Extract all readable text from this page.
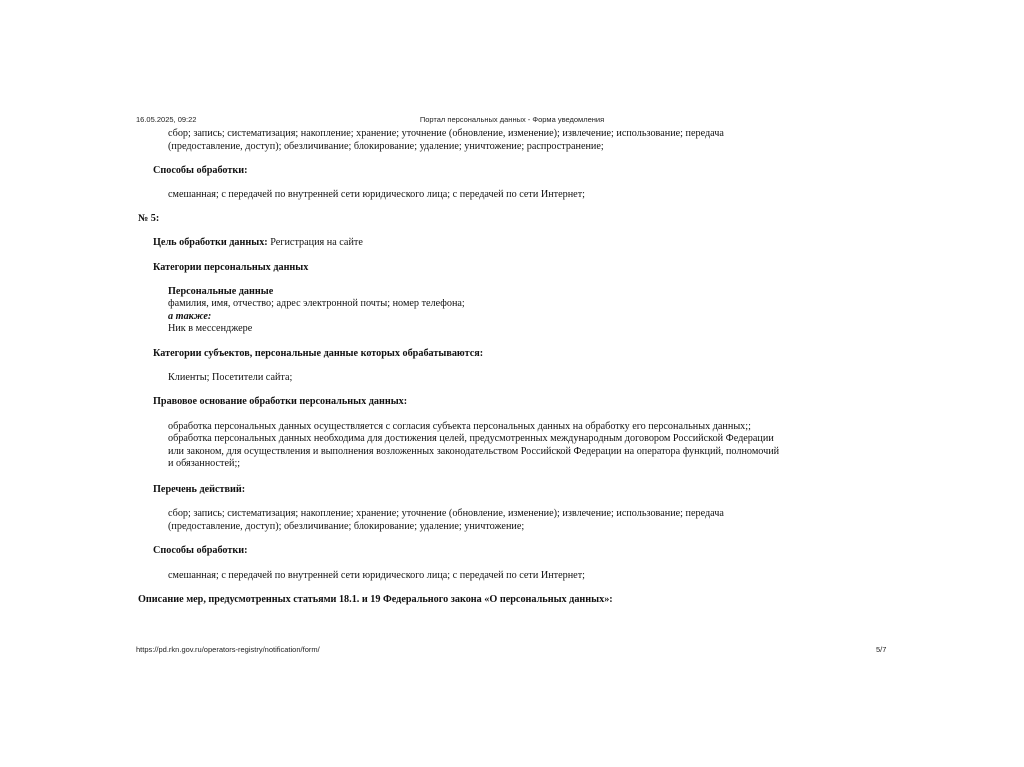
16.05.2025, 09:22	Портал персональных данных - Форма уведомления
сбор; запись; систематизация; накопление; хранение; уточнение (обновление, изменение); извлечение; использование; передача
(предоставление, доступ); обезличивание; блокирование; удаление; уничтожение; распространение;
Способы обработки:
смешанная; с передачей по внутренней сети юридического лица; с передачей по сети Интернет;
№ 5:
Цель обработки данных: Регистрация на сайте
Категории персональных данных
Персональные данные
фамилия, имя, отчество; адрес электронной почты; номер телефона;
а также:
Ник в мессенджере
Категории субъектов, персональные данные которых обрабатываются:
Клиенты; Посетители сайта;
Правовое основание обработки персональных данных:
обработка персональных данных осуществляется с согласия субъекта персональных данных на обработку его персональных данных;;
обработка персональных данных необходима для достижения целей, предусмотренных международным договором Российской Федерации
или законом, для осуществления и выполнения возложенных законодательством Российской Федерации на оператора функций, полномочий
и обязанностей;;
Перечень действий:
сбор; запись; систематизация; накопление; хранение; уточнение (обновление, изменение); извлечение; использование; передача
(предоставление, доступ); обезличивание; блокирование; удаление; уничтожение;
Способы обработки:
смешанная; с передачей по внутренней сети юридического лица; с передачей по сети Интернет;
Описание мер, предусмотренных статьями 18.1. и 19 Федерального закона «О персональных данных»:
https://pd.rkn.gov.ru/operators-registry/notification/form/	5/7
